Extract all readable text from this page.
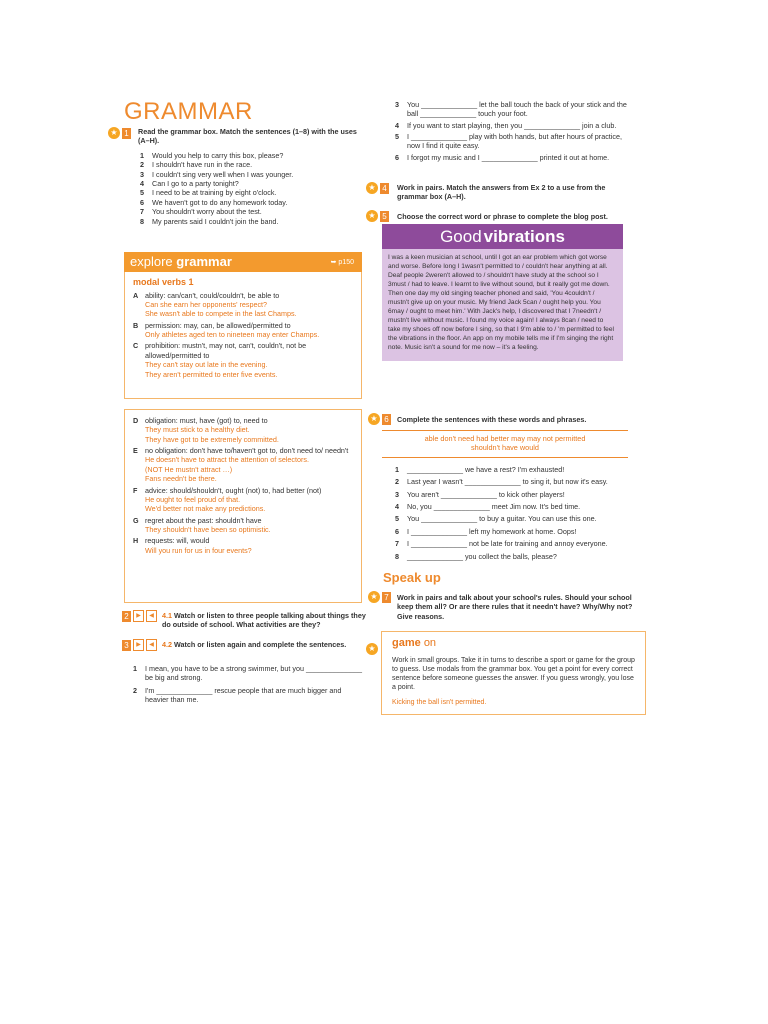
GRAMMAR
★ 1	Read the grammar box. Match the sentences (1–8) with the uses (A–H).
1	Would you help to carry this box, please?
2	I shouldn't have run in the race.
3	I couldn't sing very well when I was younger.
4	Can I go to a party tonight?
5	I need to be at training by eight o'clock.
6	We haven't got to do any homework today.
7	You shouldn't worry about the test.
8	My parents said I couldn't join the band.
explore grammar	➥ p150
modal verbs 1
A ability: can/can't, could/couldn't, be able to
Can she earn her opponents' respect?
She wasn't able to compete in the last Champs.
B permission: may, can, be allowed/permitted to
Only athletes aged ten to nineteen may enter Champs.
C prohibition: mustn't, may not, can't, couldn't, not be allowed/permitted to
They can't stay out late in the evening.
They aren't permitted to enter five events.
D obligation: must, have (got) to, need to
They must stick to a healthy diet.
They have got to be extremely committed.
E	no obligation: don't have to/haven't got to, don't need to/ needn't
He doesn't have to attract the attention of selectors.
(NOT He mustn't attract …)
Fans needn't be there.
F	advice: should/shouldn't, ought (not) to, had better (not)
He ought to feel proud of that.
We'd better not make any predictions.
G regret about the past: shouldn't have
They shouldn't have been so optimistic.
H requests: will, would
Will you run for us in four events?
2	▶	◀	4.1 Watch or listen to three people talking about things they do outside of school. What activities are they?
3	▶	◀	4.2 Watch or listen again and complete the sentences.
1	I mean, you have to be a strong swimmer, but you ______________ be big and strong.
2	I'm ______________ rescue people that are much bigger and heavier than me.
3	You ______________ let the ball touch the back of your stick and the ball ______________ touch your foot.
4	If you want to start playing, then you ______________ join a club.
5	I ______________ play with both hands, but after hours of practice, now I find it quite easy.
6	I forgot my music and I ______________ printed it out at home.
★ 4	Work in pairs. Match the answers from Ex 2 to a use from the grammar box (A–H).
★ 5	Choose the correct word or phrase to complete the blog post.
Good vibrations

I was a keen musician at school, until I got an ear problem which got worse and worse. Before long I 1wasn't permitted to / couldn't hear anything at all. Deaf people 2weren't allowed to / shouldn't have study at the school so I 3must / had to leave. I learnt to live without sound, but it really got me down. Then one day my old singing teacher phoned and said, 'You 4couldn't / mustn't give up on your music. My friend Jack 5can / ought help you. You 6may / ought to meet him.' With Jack's help, I discovered that I 7needn't / mustn't live without music. I found my voice again! I always 8can / need to take my shoes off now before I sing, so that I 9'm able to / 'm permitted to feel the vibrations in the floor. An app on my mobile tells me if I'm singing the right note. Music isn't a sound for me now – it's a feeling.

★ 6	Complete the sentences with these words and phrases.
able don't need had better may may not permitted
shouldn't have would
1	______________ we have a rest? I'm exhausted!
2	Last year I wasn't ______________ to sing it, but now it's easy.
3	You aren't ______________ to kick other players!
4	No, you ______________ meet Jim now. It's bed time.
5	You ______________ to buy a guitar. You can use this one.
6	I ______________ left my homework at home. Oops!
7	I ______________ not be late for training and annoy everyone.
8	______________ you collect the balls, please?
Speak up
★ 7	Work in pairs and talk about your school's rules. Should your school keep them all? Or are there rules that it needn't have? Why/Why not? Give reasons.
★ game on
Work in small groups. Take it in turns to describe a sport or game for the group to guess. Use modals from the grammar box. You get a point for every correct sentence before someone guesses the answer. If you guess wrongly, you lose a point.
Kicking the ball isn't permitted.
